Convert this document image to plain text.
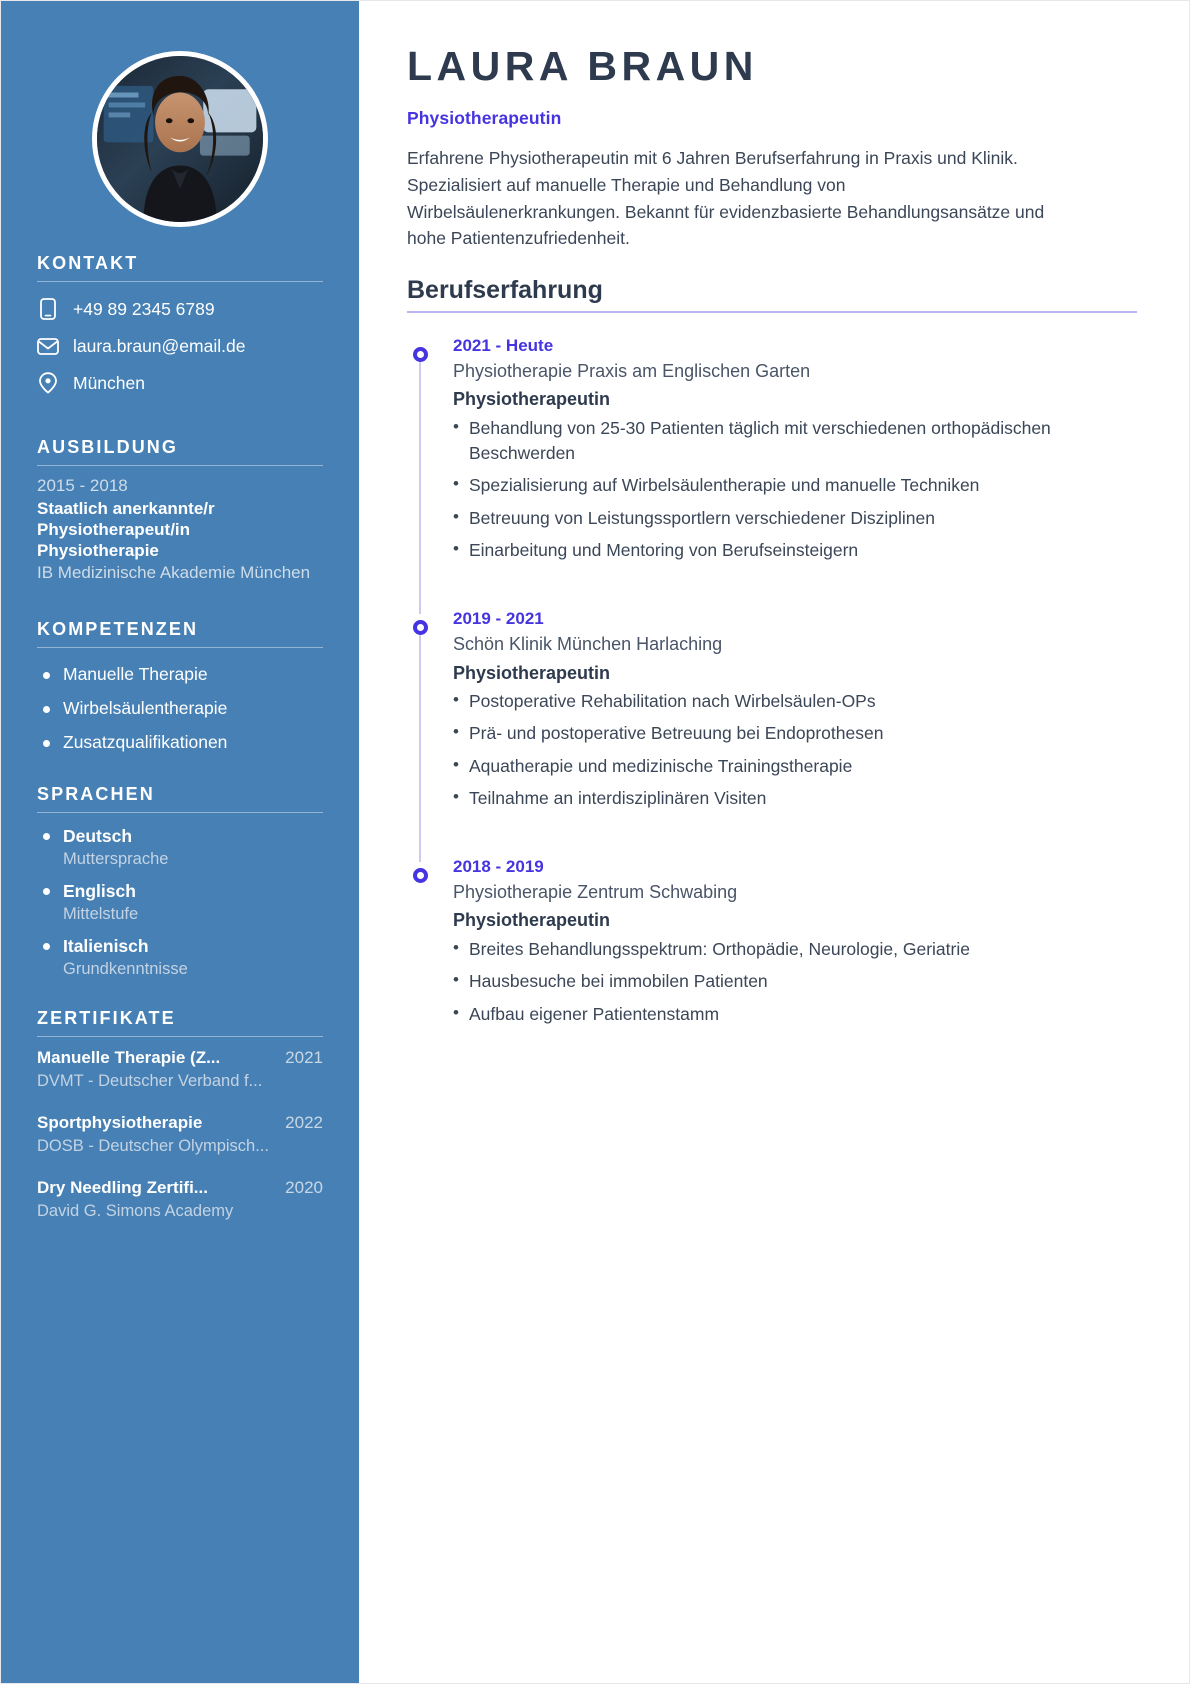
KONTAKT
+49 89 2345 6789
laura.braun@email.de
München
AUSBILDUNG
2015 - 2018
Staatlich anerkannte/r Physiotherapeut/in
Physiotherapie
IB Medizinische Akademie München
KOMPETENZEN
Manuelle Therapie
Wirbelsäulentherapie
Zusatzqualifikationen
SPRACHEN
Deutsch
Muttersprache
Englisch
Mittelstufe
Italienisch
Grundkenntnisse
ZERTIFIKATE
Manuelle Therapie (Z...	2021
DVMT - Deutscher Verband f...
Sportphysiotherapie	2022
DOSB - Deutscher Olympisch...
Dry Needling Zertifi...	2020
David G. Simons Academy
LAURA BRAUN
Physiotherapeutin

Erfahrene Physiotherapeutin mit 6 Jahren Berufserfahrung in Praxis und Klinik. Spezialisiert auf manuelle Therapie und Behandlung von Wirbelsäulenerkrankungen. Bekannt für evidenzbasierte Behandlungsansätze und hohe Patientenzufriedenheit.

Berufserfahrung
2021 - Heute
Physiotherapie Praxis am Englischen Garten
Physiotherapeutin
• Behandlung von 25-30 Patienten täglich mit verschiedenen orthopädischen Beschwerden
• Spezialisierung auf Wirbelsäulentherapie und manuelle Techniken
• Betreuung von Leistungssportlern verschiedener Disziplinen
• Einarbeitung und Mentoring von Berufseinsteigern
2019 - 2021
Schön Klinik München Harlaching
Physiotherapeutin
• Postoperative Rehabilitation nach Wirbelsäulen-OPs
• Prä- und postoperative Betreuung bei Endoprothesen
• Aquatherapie und medizinische Trainingstherapie
• Teilnahme an interdisziplinären Visiten
2018 - 2019
Physiotherapie Zentrum Schwabing
Physiotherapeutin
• Breites Behandlungsspektrum: Orthopädie, Neurologie, Geriatrie
• Hausbesuche bei immobilen Patienten
• Aufbau eigener Patientenstamm
